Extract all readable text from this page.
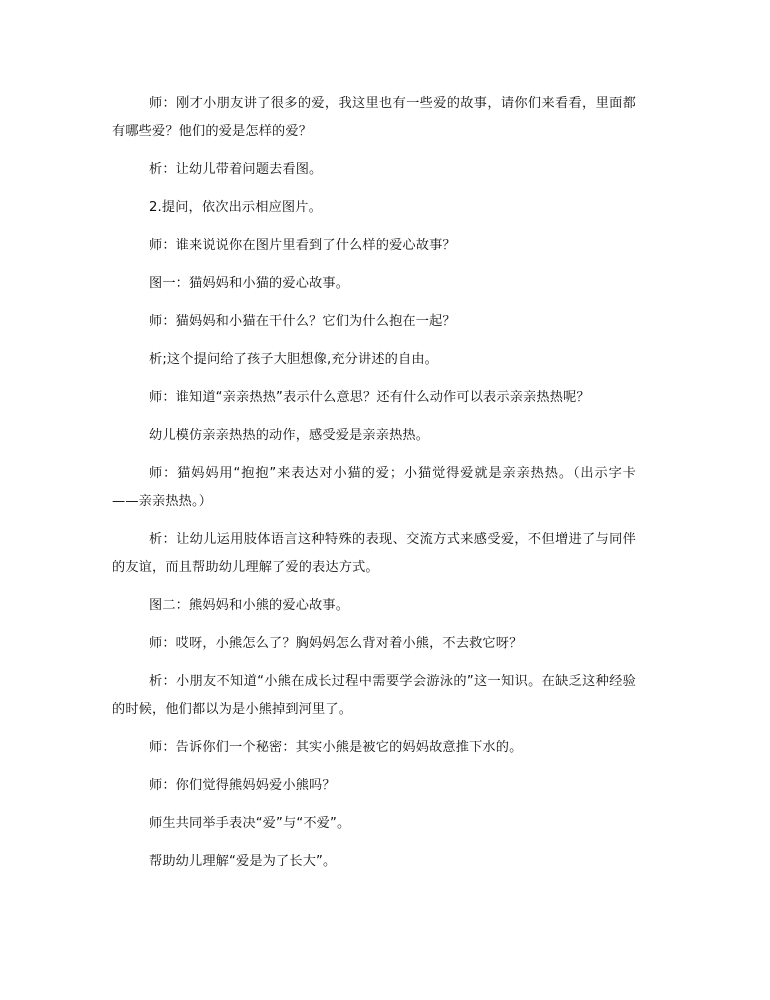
师：刚才小朋友讲了很多的爱，我这里也有一些爱的故事，请你们来看看，里面都有哪些爱？他们的爱是怎样的爱？

析：让幼儿带着问题去看图。

2.提问，依次出示相应图片。

师：谁来说说你在图片里看到了什么样的爱心故事？

图一：猫妈妈和小猫的爱心故事。

师：猫妈妈和小猫在干什么？它们为什么抱在一起？

析;这个提问给了孩子大胆想像,充分讲述的自由。

师：谁知道“亲亲热热”表示什么意思？还有什么动作可以表示亲亲热热呢？

幼儿模仿亲亲热热的动作，感受爱是亲亲热热。

师：猫妈妈用“抱抱”来表达对小猫的爱；小猫觉得爱就是亲亲热热。（出示字卡——亲亲热热。）

析：让幼儿运用肢体语言这种特殊的表现、交流方式来感受爱，不但增进了与同伴的友谊，而且帮助幼儿理解了爱的表达方式。

图二：熊妈妈和小熊的爱心故事。

师：哎呀，小熊怎么了？胸妈妈怎么背对着小熊，不去救它呀？

析：小朋友不知道“小熊在成长过程中需要学会游泳的”这一知识。在缺乏这种经验的时候，他们都以为是小熊掉到河里了。

师：告诉你们一个秘密：其实小熊是被它的妈妈故意推下水的。

师：你们觉得熊妈妈爱小熊吗？

师生共同举手表决“爱”与“不爱”。

帮助幼儿理解“爱是为了长大”。
